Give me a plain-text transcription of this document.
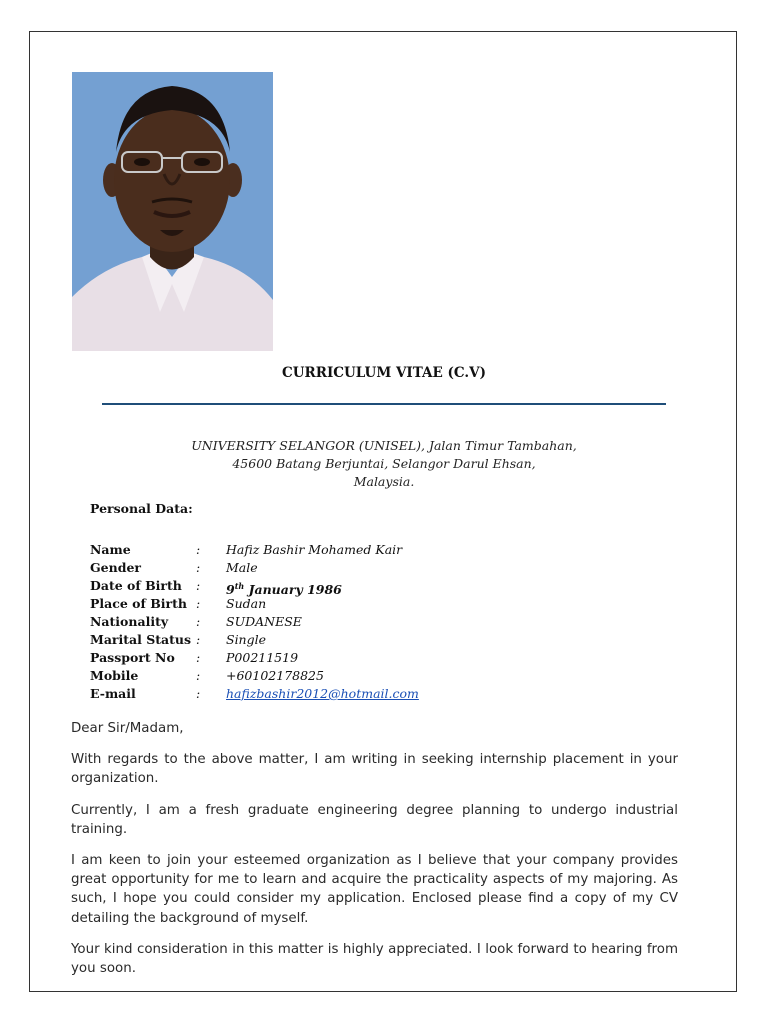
CURRICULUM VITAE (C.V)
UNIVERSITY SELANGOR (UNISEL), Jalan Timur Tambahan,
45600 Batang Berjuntai, Selangor Darul Ehsan,
Malaysia.
Personal Data:
Name	: Hafiz Bashir Mohamed Kair
Gender	: Male
Date of Birth : 9th January 1986
Place of Birth : Sudan
Nationality : SUDANESE
Marital Status : Single
Passport No : P00211519
Mobile	: +60102178825
E-mail	: hafizbashir2012@hotmail.com

Dear Sir/Madam,

With regards to the above matter, I am writing in seeking internship placement in your organization.

Currently, I am a fresh graduate engineering degree planning to undergo industrial training.

I am keen to join your esteemed organization as I believe that your company provides great opportunity for me to learn and acquire the practicality aspects of my majoring. As such, I hope you could consider my application. Enclosed please find a copy of my CV detailing the background of myself.

Your kind consideration in this matter is highly appreciated. I look forward to hearing from you soon.
